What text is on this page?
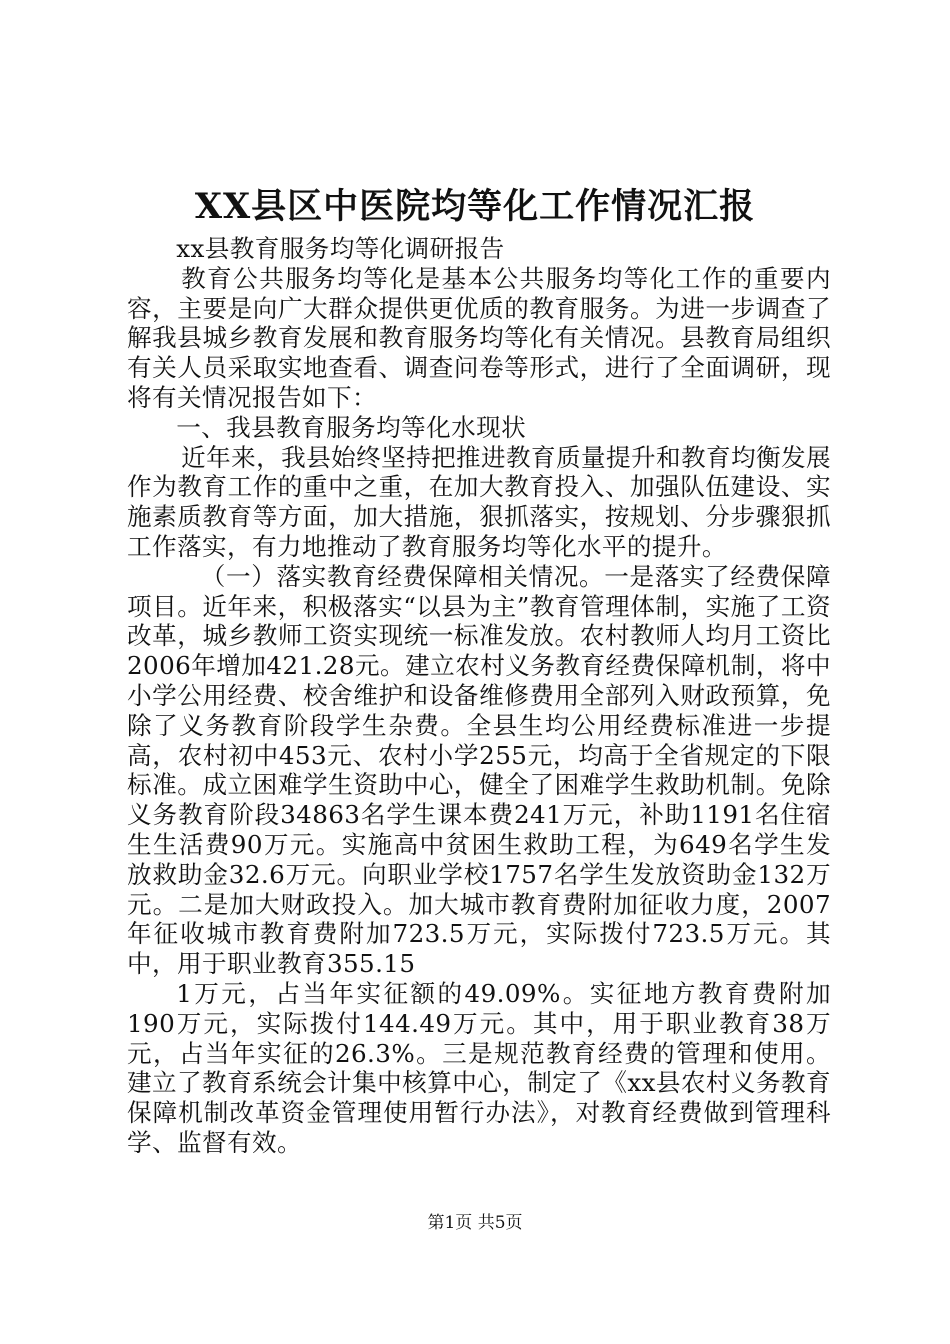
XX县区中医院均等化工作情况汇报

xx县教育服务均等化调研报告

教育公共服务均等化是基本公共服务均等化工作的重要内容，主要是向广大群众提供更优质的教育服务。为进一步调查了解我县城乡教育发展和教育服务均等化有关情况。县教育局组织有关人员采取实地查看、调查问卷等形式，进行了全面调研，现将有关情况报告如下：

一、我县教育服务均等化水现状

近年来，我县始终坚持把推进教育质量提升和教育均衡发展作为教育工作的重中之重，在加大教育投入、加强队伍建设、实施素质教育等方面，加大措施，狠抓落实，按规划、分步骤狠抓工作落实，有力地推动了教育服务均等化水平的提升。

（一）落实教育经费保障相关情况。一是落实了经费保障项目。近年来，积极落实“以县为主”教育管理体制，实施了工资改革，城乡教师工资实现统一标准发放。农村教师人均月工资比2006年增加421.28元。建立农村义务教育经费保障机制，将中小学公用经费、校舍维护和设备维修费用全部列入财政预算，免除了义务教育阶段学生杂费。全县生均公用经费标准进一步提高，农村初中453元、农村小学255元，均高于全省规定的下限标准。成立困难学生资助中心，健全了困难学生救助机制。免除义务教育阶段34863名学生课本费241万元，补助1191名住宿生生活费90万元。实施高中贫困生救助工程，为649名学生发放救助金32.6万元。向职业学校1757名学生发放资助金132万元。二是加大财政投入。加大城市教育费附加征收力度，2007年征收城市教育费附加723.5万元，实际拨付723.5万元。其中，用于职业教育355.15

1万元，占当年实征额的49.09%。实征地方教育费附加190万元，实际拨付144.49万元。其中，用于职业教育38万元，占当年实征的26.3%。三是规范教育经费的管理和使用。建立了教育系统会计集中核算中心，制定了《xx县农村义务教育保障机制改革资金管理使用暂行办法》，对教育经费做到管理科学、监督有效。

第1页 共5页
